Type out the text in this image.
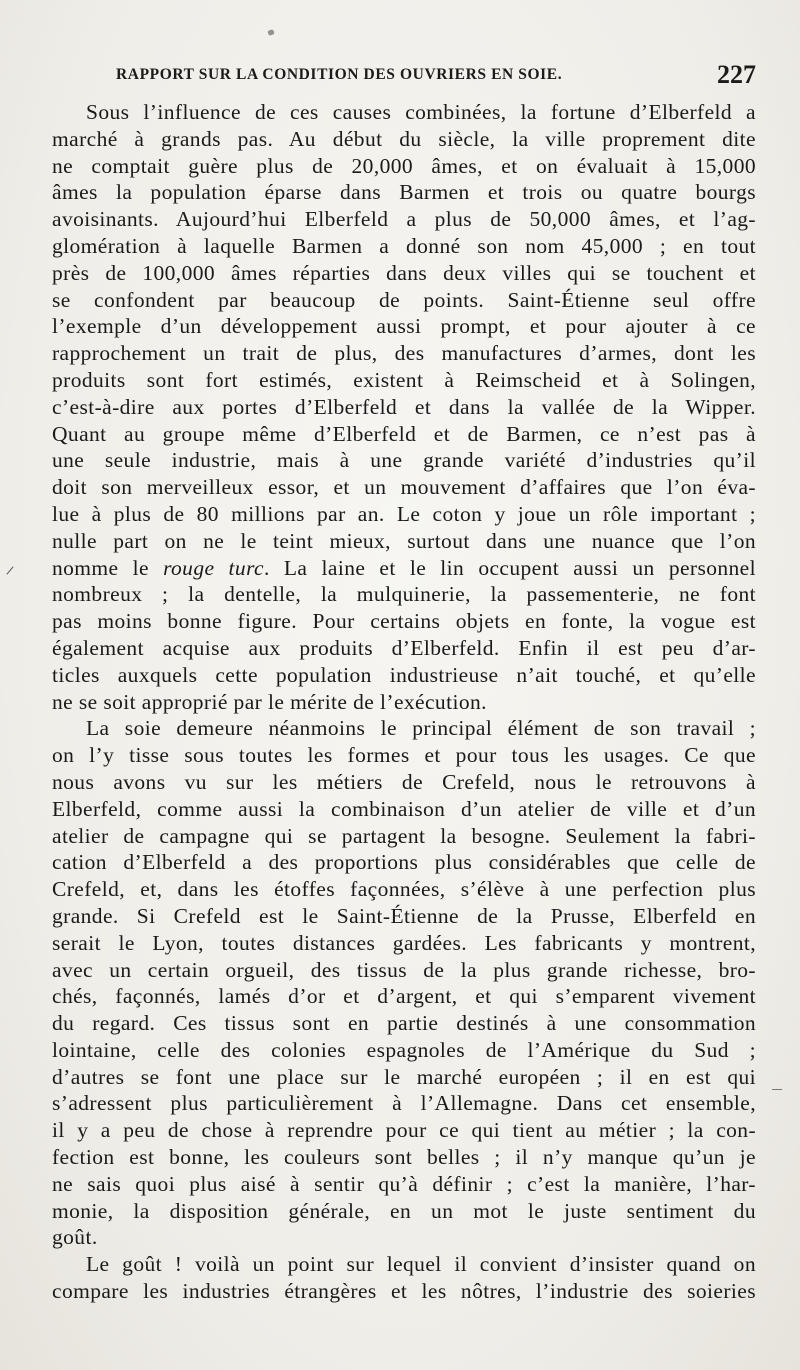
RAPPORT SUR LA CONDITION DES OUVRIERS EN SOIE.	227
Sous l’influence de ces causes combinées, la fortune d’Elberfeld a
marché à grands pas. Au début du siècle, la ville proprement dite
ne comptait guère plus de 20,000 âmes, et on évaluait à 15,000
âmes la population éparse dans Barmen et trois ou quatre bourgs
avoisinants. Aujourd’hui Elberfeld a plus de 50,000 âmes, et l’ag-
glomération à laquelle Barmen a donné son nom 45,000 ; en tout
près de 100,000 âmes réparties dans deux villes qui se touchent et
se confondent par beaucoup de points. Saint-Étienne seul offre
l’exemple d’un développement aussi prompt, et pour ajouter à ce
rapprochement un trait de plus, des manufactures d’armes, dont les
produits sont fort estimés, existent à Reimscheid et à Solingen,
c’est-à-dire aux portes d’Elberfeld et dans la vallée de la Wipper.
Quant au groupe même d’Elberfeld et de Barmen, ce n’est pas à
une seule industrie, mais à une grande variété d’industries qu’il
doit son merveilleux essor, et un mouvement d’affaires que l’on éva-
lue à plus de 80 millions par an. Le coton y joue un rôle important ;
nulle part on ne le teint mieux, surtout dans une nuance que l’on
nomme le rouge turc. La laine et le lin occupent aussi un personnel
nombreux ; la dentelle, la mulquinerie, la passementerie, ne font
pas moins bonne figure. Pour certains objets en fonte, la vogue est
également acquise aux produits d’Elberfeld. Enfin il est peu d’ar-
ticles auxquels cette population industrieuse n’ait touché, et qu’elle
ne se soit approprié par le mérite de l’exécution.
La soie demeure néanmoins le principal élément de son travail ;
on l’y tisse sous toutes les formes et pour tous les usages. Ce que
nous avons vu sur les métiers de Crefeld, nous le retrouvons à
Elberfeld, comme aussi la combinaison d’un atelier de ville et d’un
atelier de campagne qui se partagent la besogne. Seulement la fabri-
cation d’Elberfeld a des proportions plus considérables que celle de
Crefeld, et, dans les étoffes façonnées, s’élève à une perfection plus
grande. Si Crefeld est le Saint-Étienne de la Prusse, Elberfeld en
serait le Lyon, toutes distances gardées. Les fabricants y montrent,
avec un certain orgueil, des tissus de la plus grande richesse, bro-
chés, façonnés, lamés d’or et d’argent, et qui s’emparent vivement
du regard. Ces tissus sont en partie destinés à une consommation
lointaine, celle des colonies espagnoles de l’Amérique du Sud ;
d’autres se font une place sur le marché européen ; il en est qui
s’adressent plus particulièrement à l’Allemagne. Dans cet ensemble,
il y a peu de chose à reprendre pour ce qui tient au métier ; la con-
fection est bonne, les couleurs sont belles ; il n’y manque qu’un je
ne sais quoi plus aisé à sentir qu’à définir ; c’est la manière, l’har-
monie, la disposition générale, en un mot le juste sentiment du
goût.
Le goût ! voilà un point sur lequel il convient d’insister quand on
compare les industries étrangères et les nôtres, l’industrie des soieries
